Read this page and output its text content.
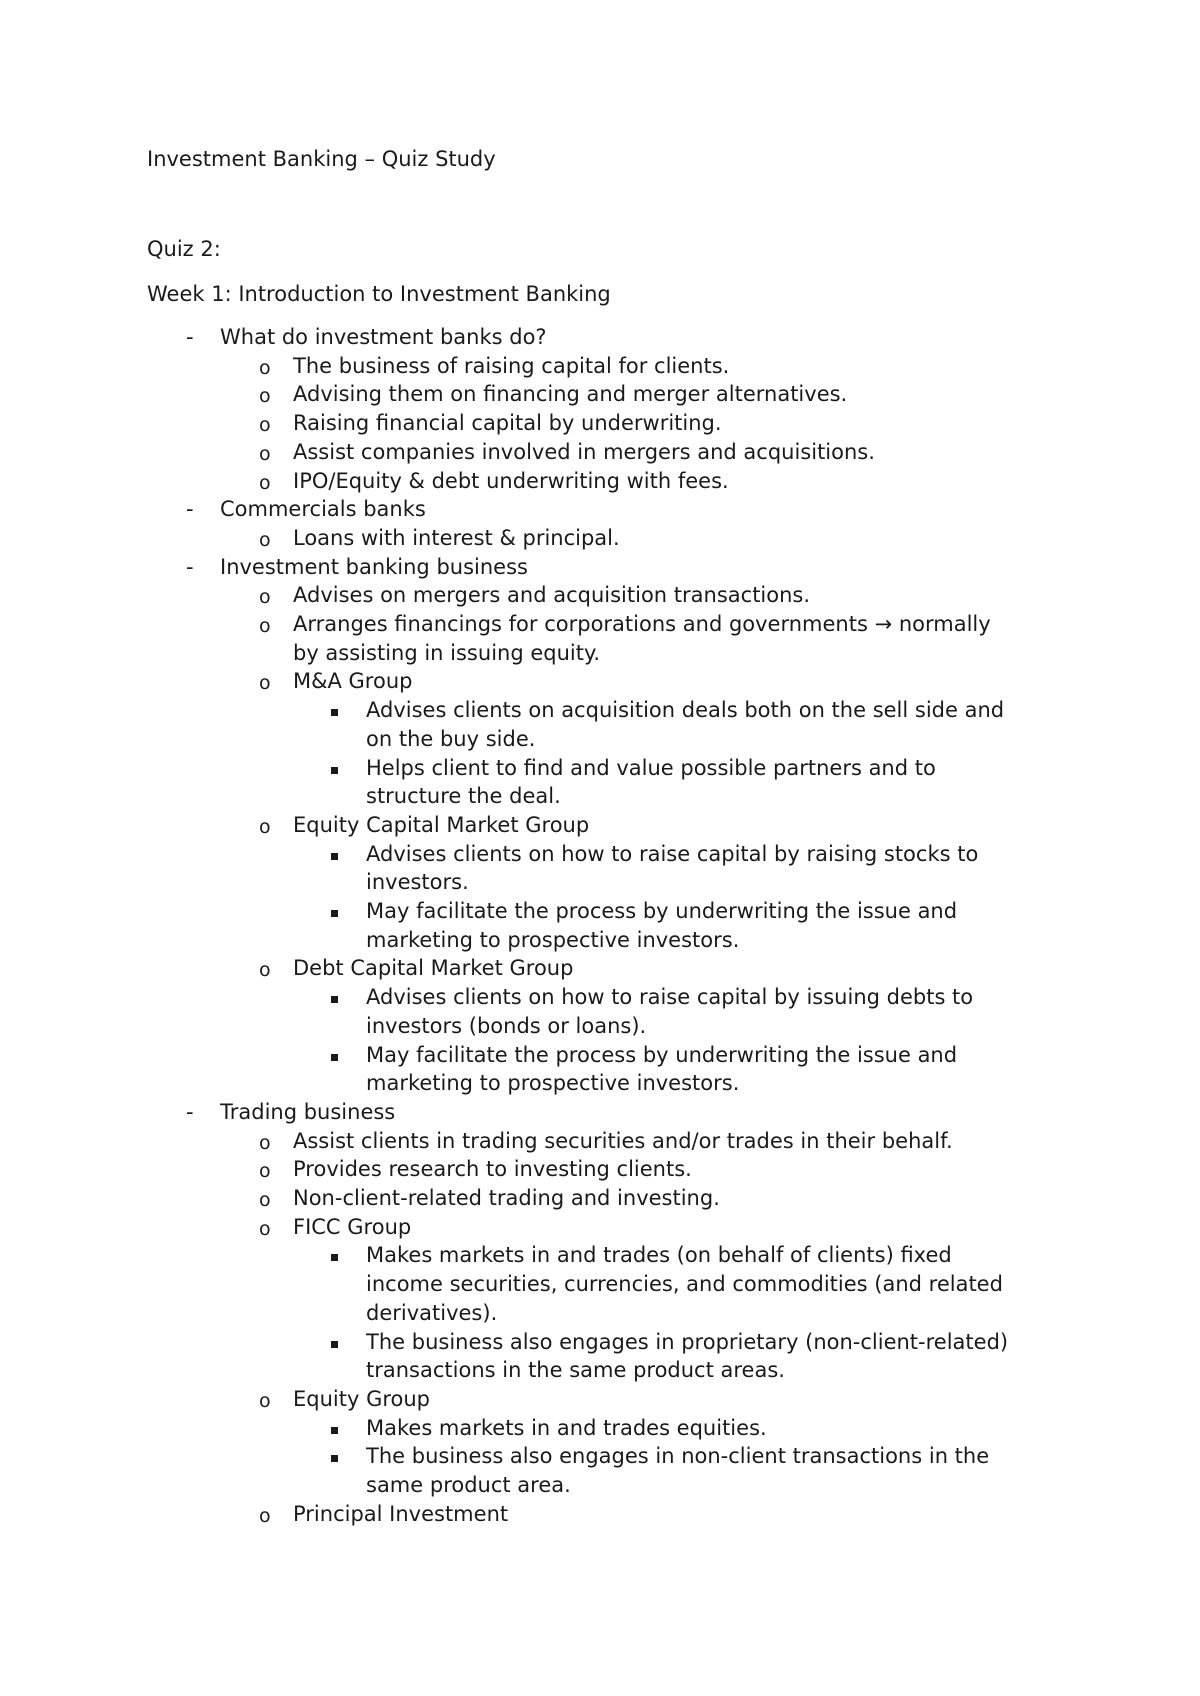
Investment Banking – Quiz Study
Quiz 2:
Week 1: Introduction to Investment Banking
- What do investment banks do?
o The business of raising capital for clients.
o Advising them on financing and merger alternatives.
o Raising financial capital by underwriting.
o Assist companies involved in mergers and acquisitions.
o IPO/Equity & debt underwriting with fees.
- Commercials banks
o Loans with interest & principal.
- Investment banking business
o Advises on mergers and acquisition transactions.
o Arranges financings for corporations and governments → normally
by assisting in issuing equity.
o M&A Group
Advises clients on acquisition deals both on the sell side and
on the buy side.
Helps client to find and value possible partners and to
structure the deal.
o Equity Capital Market Group
Advises clients on how to raise capital by raising stocks to
investors.
May facilitate the process by underwriting the issue and
marketing to prospective investors.
o Debt Capital Market Group
Advises clients on how to raise capital by issuing debts to
investors (bonds or loans).
May facilitate the process by underwriting the issue and
marketing to prospective investors.
- Trading business
o Assist clients in trading securities and/or trades in their behalf.
o Provides research to investing clients.
o Non-client-related trading and investing.
o FICC Group
Makes markets in and trades (on behalf of clients) fixed
income securities, currencies, and commodities (and related
derivatives).
The business also engages in proprietary (non-client-related)
transactions in the same product areas.
o Equity Group
Makes markets in and trades equities.
The business also engages in non-client transactions in the
same product area.
o Principal Investment
